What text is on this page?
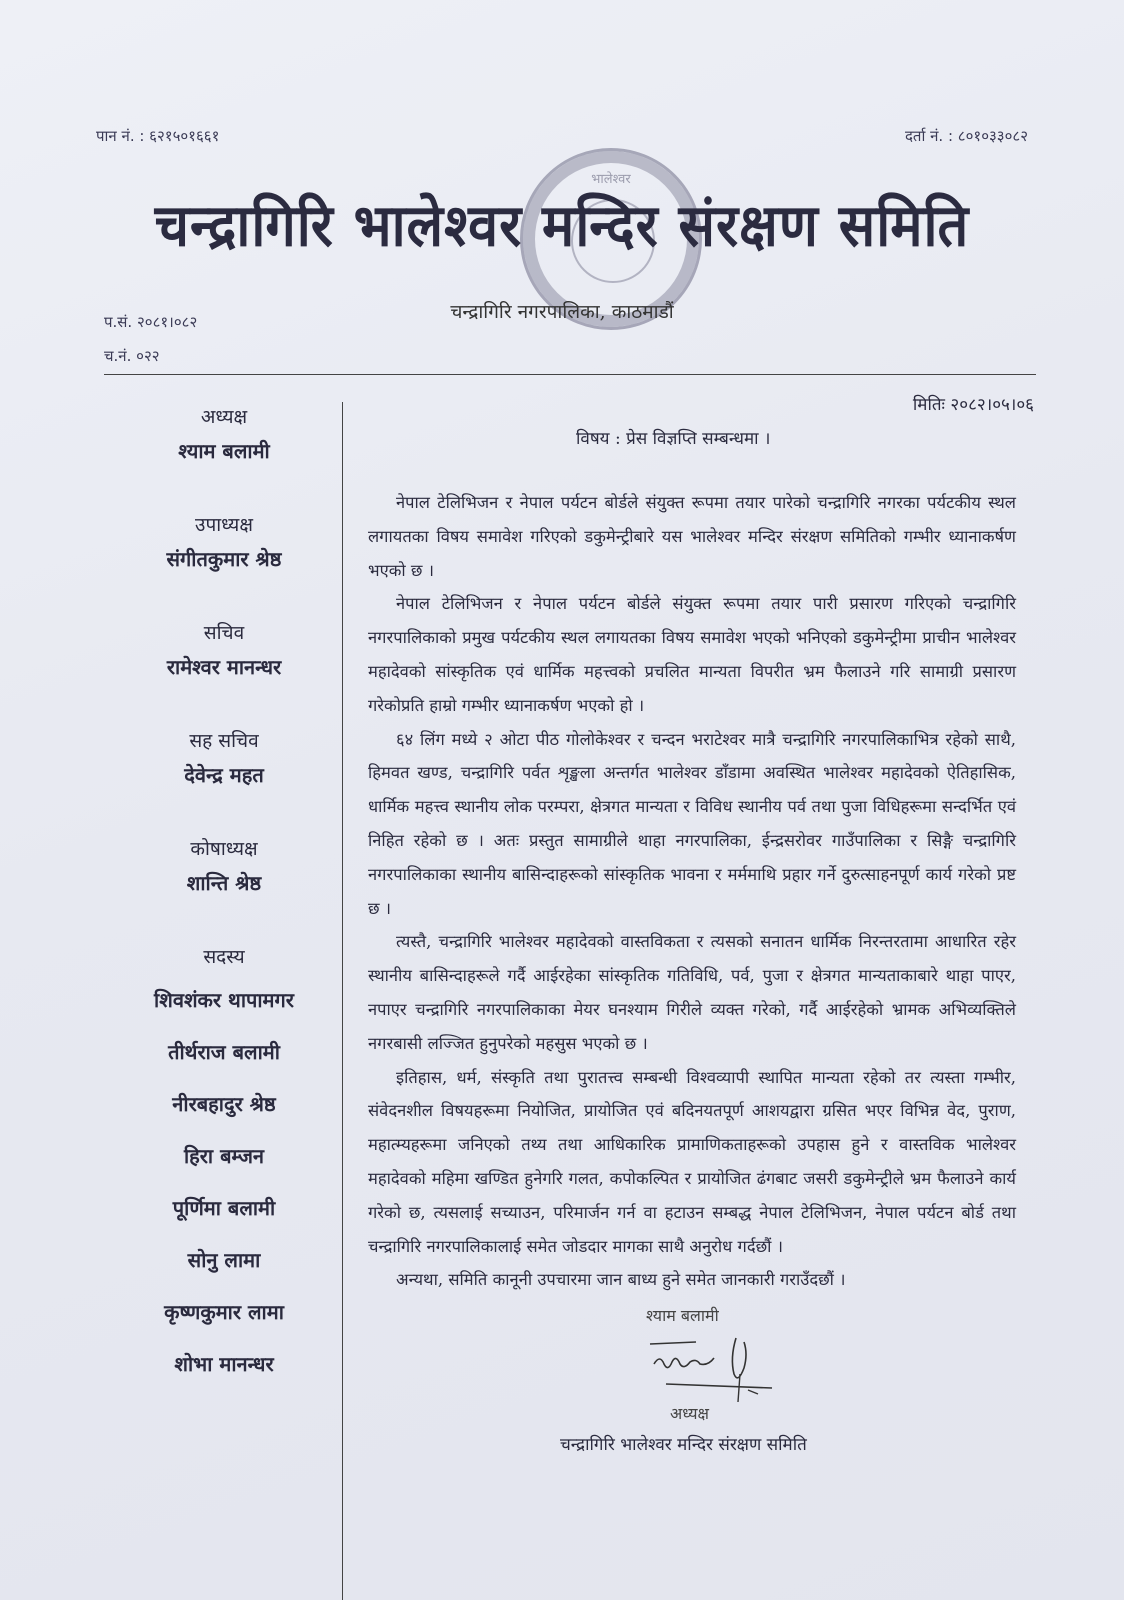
पान नं. : ६२१५०१६६१	दर्ता नं. : ८०१०३३०८२
भालेश्वर
चन्द्रागिरि भालेश्वर मन्दिर संरक्षण समिति
चन्द्रागिरि नगरपालिका, काठमाडौं
प.सं. २०८१।०८२
च.नं. ०२२
अध्यक्ष
श्याम बलामी
उपाध्यक्ष
संगीतकुमार श्रेष्ठ
सचिव
रामेश्वर मानन्धर
सह सचिव
देवेन्द्र महत
कोषाध्यक्ष
शान्ति श्रेष्ठ
सदस्य
शिवशंकर थापामगर
तीर्थराज बलामी
नीरबहादुर श्रेष्ठ
हिरा बम्जन
पूर्णिमा बलामी
सोनु लामा
कृष्णकुमार लामा
शोभा मानन्धर
मितिः २०८२।०५।०६
विषय : प्रेस विज्ञप्ति सम्बन्धमा ।

नेपाल टेलिभिजन र नेपाल पर्यटन बोर्डले संयुक्त रूपमा तयार पारेको चन्द्रागिरि नगरका पर्यटकीय स्थल लगायतका विषय समावेश गरिएको डकुमेन्ट्रीबारे यस भालेश्वर मन्दिर संरक्षण समितिको गम्भीर ध्यानाकर्षण भएको छ ।

नेपाल टेलिभिजन र नेपाल पर्यटन बोर्डले संयुक्त रूपमा तयार पारी प्रसारण गरिएको चन्द्रागिरि नगरपालिकाको प्रमुख पर्यटकीय स्थल लगायतका विषय समावेश भएको भनिएको डकुमेन्ट्रीमा प्राचीन भालेश्वर महादेवको सांस्कृतिक एवं धार्मिक महत्त्वको प्रचलित मान्यता विपरीत भ्रम फैलाउने गरि सामाग्री प्रसारण गरेकोप्रति हाम्रो गम्भीर ध्यानाकर्षण भएको हो ।

६४ लिंग मध्ये २ ओटा पीठ गोलोकेश्वर र चन्दन भराटेश्वर मात्रै चन्द्रागिरि नगरपालिकाभित्र रहेको साथै, हिमवत खण्ड, चन्द्रागिरि पर्वत शृङ्खला अन्तर्गत भालेश्वर डाँडामा अवस्थित भालेश्वर महादेवको ऐतिहासिक, धार्मिक महत्त्व स्थानीय लोक परम्परा, क्षेत्रगत मान्यता र विविध स्थानीय पर्व तथा पुजा विधिहरूमा सन्दर्भित एवं निहित रहेको छ । अतः प्रस्तुत सामाग्रीले थाहा नगरपालिका, ईन्द्रसरोवर गाउँपालिका र सिङ्गै चन्द्रागिरि नगरपालिकाका स्थानीय बासिन्दाहरूको सांस्कृतिक भावना र मर्ममाथि प्रहार गर्ने दुरुत्साहनपूर्ण कार्य गरेको प्रष्ट छ ।

त्यस्तै, चन्द्रागिरि भालेश्वर महादेवको वास्तविकता र त्यसको सनातन धार्मिक निरन्तरतामा आधारित रहेर स्थानीय बासिन्दाहरूले गर्दै आईरहेका सांस्कृतिक गतिविधि, पर्व, पुजा र क्षेत्रगत मान्यताकाबारे थाहा पाएर, नपाएर चन्द्रागिरि नगरपालिकाका मेयर घनश्याम गिरीले व्यक्त गरेको, गर्दै आईरहेको भ्रामक अभिव्यक्तिले नगरबासी लज्जित हुनुपरेको महसुस भएको छ ।

इतिहास, धर्म, संस्कृति तथा पुरातत्त्व सम्बन्धी विश्वव्यापी स्थापित मान्यता रहेको तर त्यस्ता गम्भीर, संवेदनशील विषयहरूमा नियोजित, प्रायोजित एवं बदिनयतपूर्ण आशयद्वारा ग्रसित भएर विभिन्न वेद, पुराण, महात्म्यहरूमा जनिएको तथ्य तथा आधिकारिक प्रामाणिकताहरूको उपहास हुने र वास्तविक भालेश्वर महादेवको महिमा खण्डित हुनेगरि गलत, कपोकल्पित र प्रायोजित ढंगबाट जसरी डकुमेन्ट्रीले भ्रम फैलाउने कार्य गरेको छ, त्यसलाई सच्याउन, परिमार्जन गर्न वा हटाउन सम्बद्ध नेपाल टेलिभिजन, नेपाल पर्यटन बोर्ड तथा चन्द्रागिरि नगरपालिकालाई समेत जोडदार मागका साथै अनुरोध गर्दछौं ।

अन्यथा, समिति कानूनी उपचारमा जान बाध्य हुने समेत जानकारी गराउँदछौं ।

श्याम बलामी
अध्यक्ष
चन्द्रागिरि भालेश्वर मन्दिर संरक्षण समिति
